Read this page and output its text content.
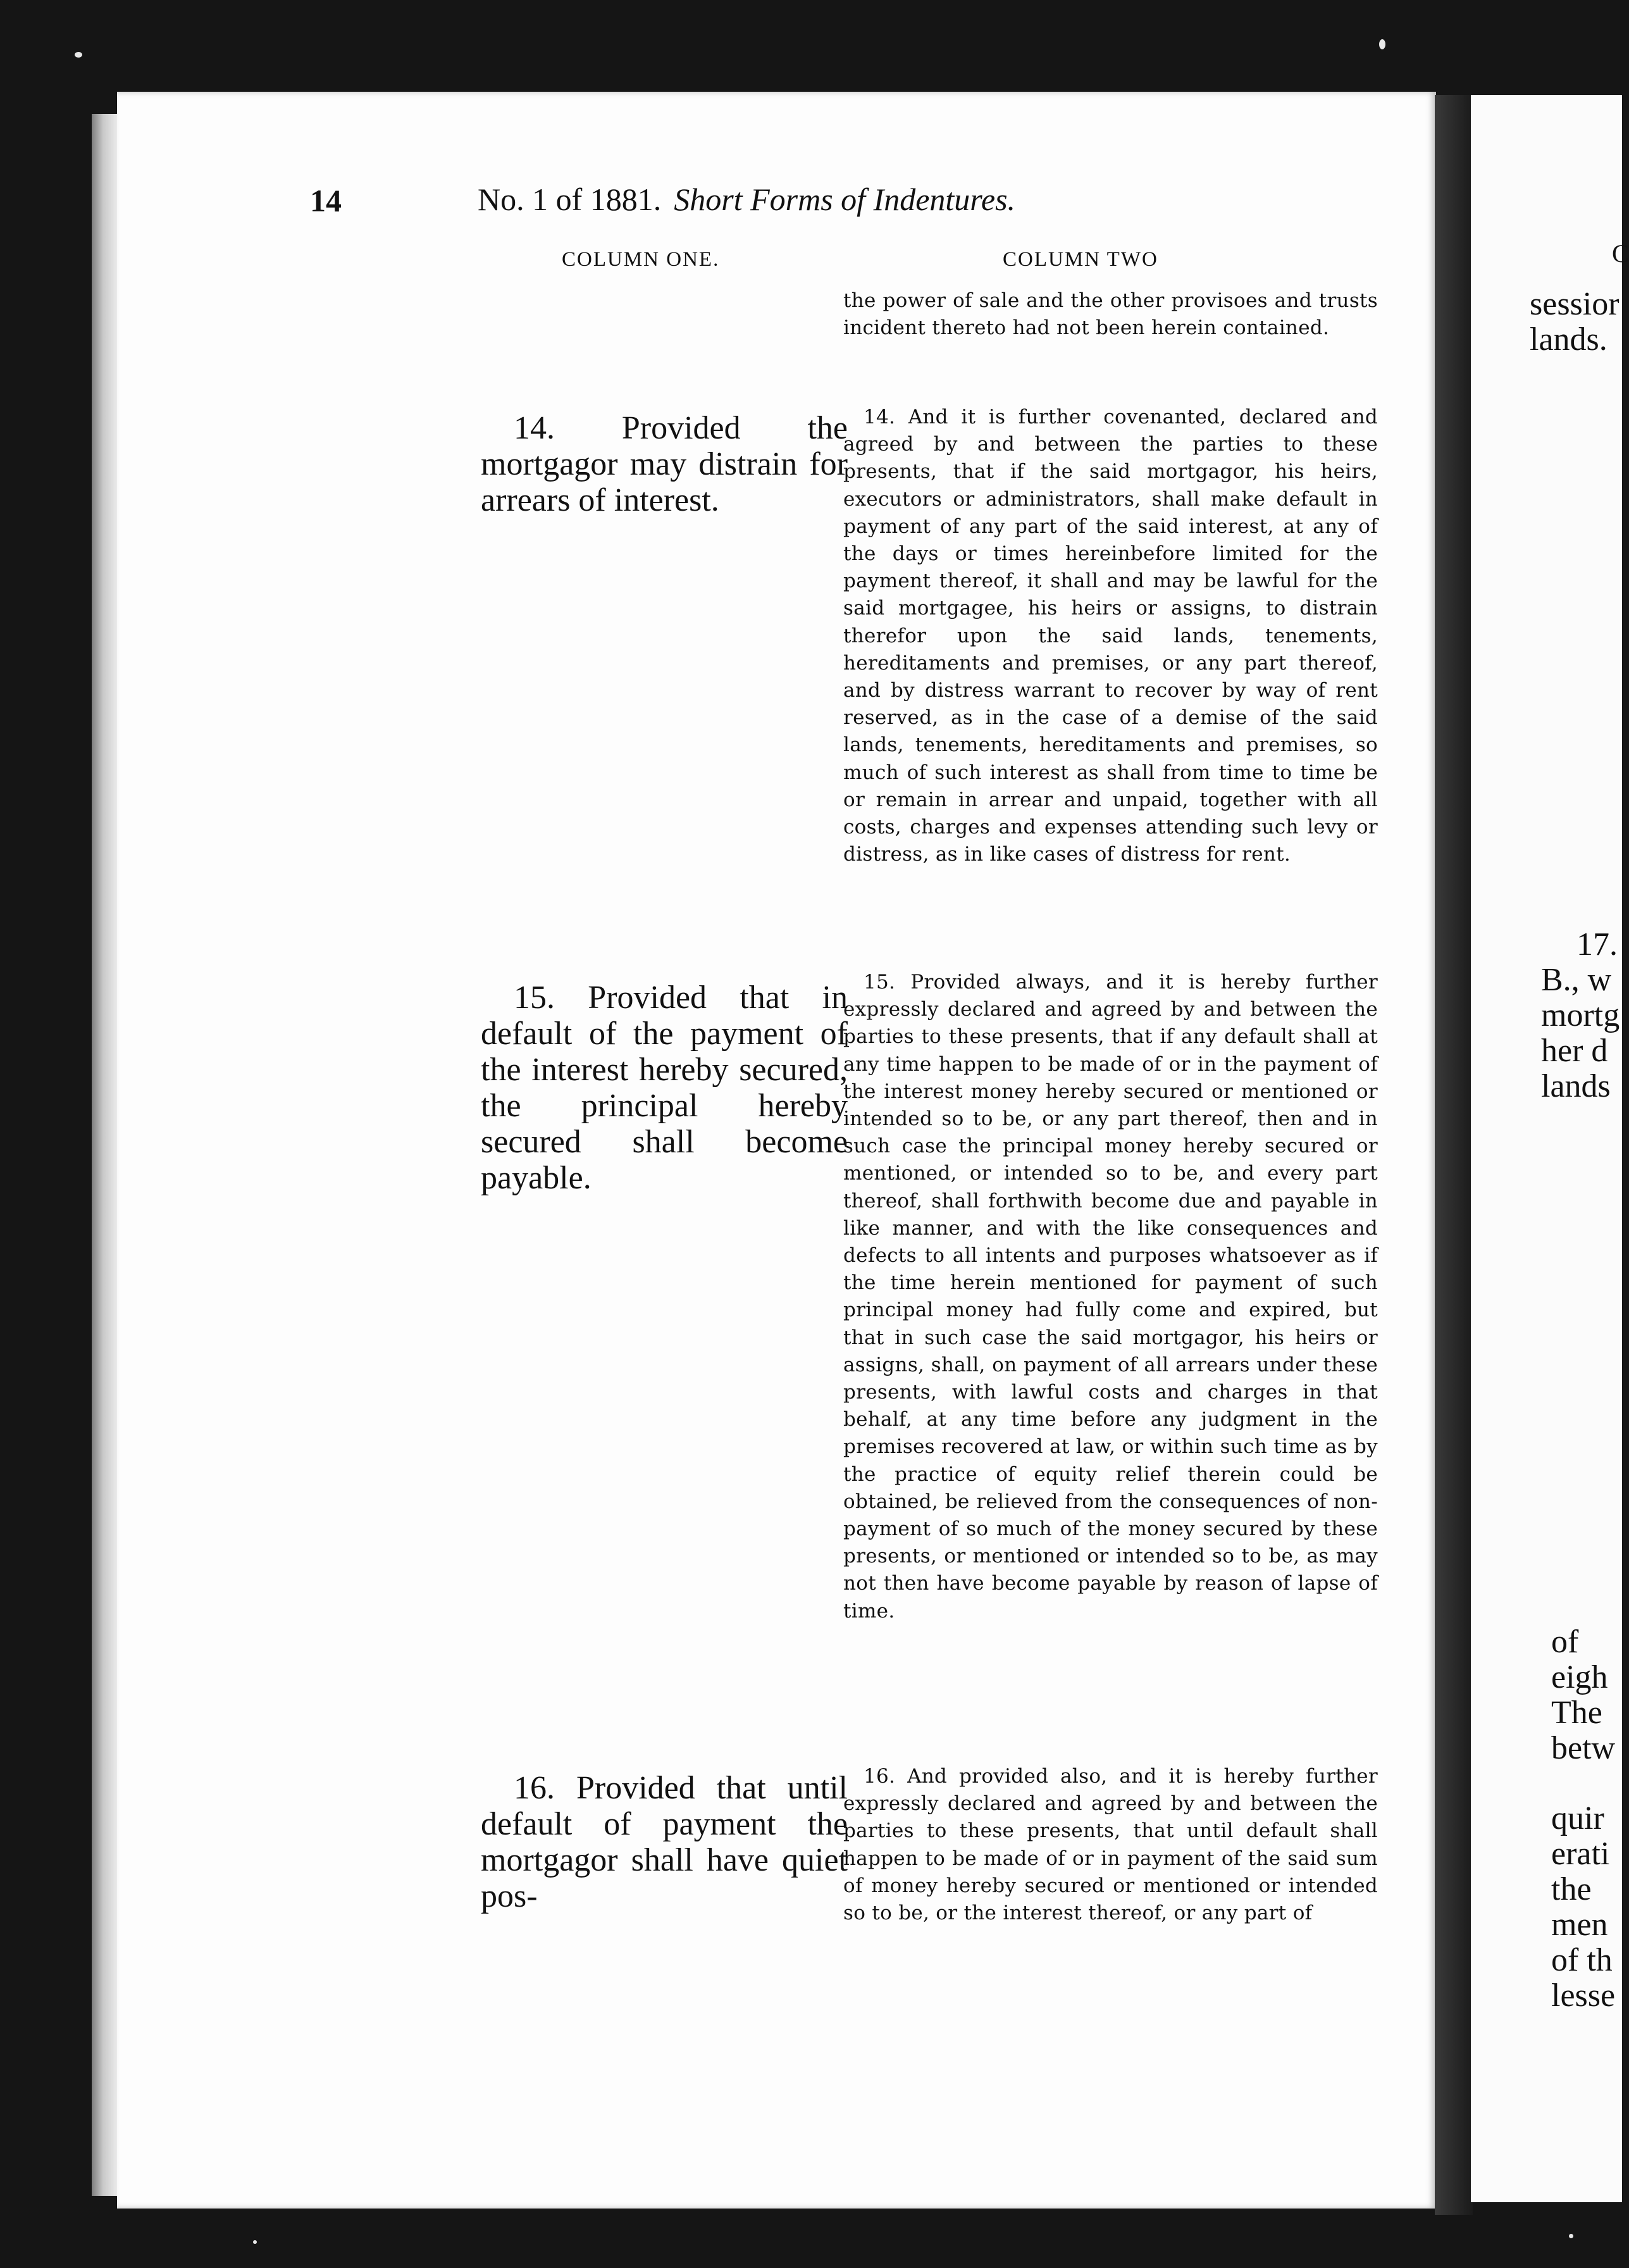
14	No. 1 of 1881. Short Forms of Indentures.
COLUMN ONE.	COLUMN TWO

14. Provided the mortgagor may distrain for arrears of interest.

15. Provided that in default of the payment of the interest hereby secured, the principal hereby secured shall become payable.

16. Provided that until default of payment the mortgagor shall have quiet pos-

the power of sale and the other provisoes and trusts incident thereto had not been herein contained.

14. And it is further covenanted, declared and agreed by and between the parties to these presents, that if the said mortgagor, his heirs, executors or administrators, shall make default in payment of any part of the said interest, at any of the days or times hereinbefore limited for the payment thereof, it shall and may be lawful for the said mortgagee, his heirs or assigns, to distrain therefor upon the said lands, tenements, hereditaments and premises, or any part thereof, and by distress warrant to recover by way of rent reserved, as in the case of a demise of the said lands, tenements, hereditaments and premises, so much of such interest as shall from time to time be or remain in arrear and unpaid, together with all costs, charges and expenses attending such levy or distress, as in like cases of distress for rent.

15. Provided always, and it is hereby further expressly declared and agreed by and between the parties to these presents, that if any default shall at any time happen to be made of or in the payment of the interest money hereby secured or mentioned or intended so to be, or any part thereof, then and in such case the principal money hereby secured or mentioned, or intended so to be, and every part thereof, shall forthwith become due and payable in like manner, and with the like consequences and defects to all intents and purposes whatsoever as if the time herein mentioned for payment of such principal money had fully come and expired, but that in such case the said mortgagor, his heirs or assigns, shall, on payment of all arrears under these presents, with lawful costs and charges in that behalf, at any time before any judgment in the premises recovered at law, or within such time as by the practice of equity relief therein could be obtained, be relieved from the consequences of non-payment of so much of the money secured by these presents, or mentioned or intended so to be, as may not then have become payable by reason of lapse of time.

16. And provided also, and it is hereby further expressly declared and agreed by and between the parties to these presents, that until default shall happen to be made of or in payment of the said sum of money hereby secured or mentioned or intended so to be, or the interest thereof, or any part of

C
sessior
lands.
17.
B., w
mortg
her d
lands
of
eigh
The
betw
quir
erati
the
men
of th
lesse
